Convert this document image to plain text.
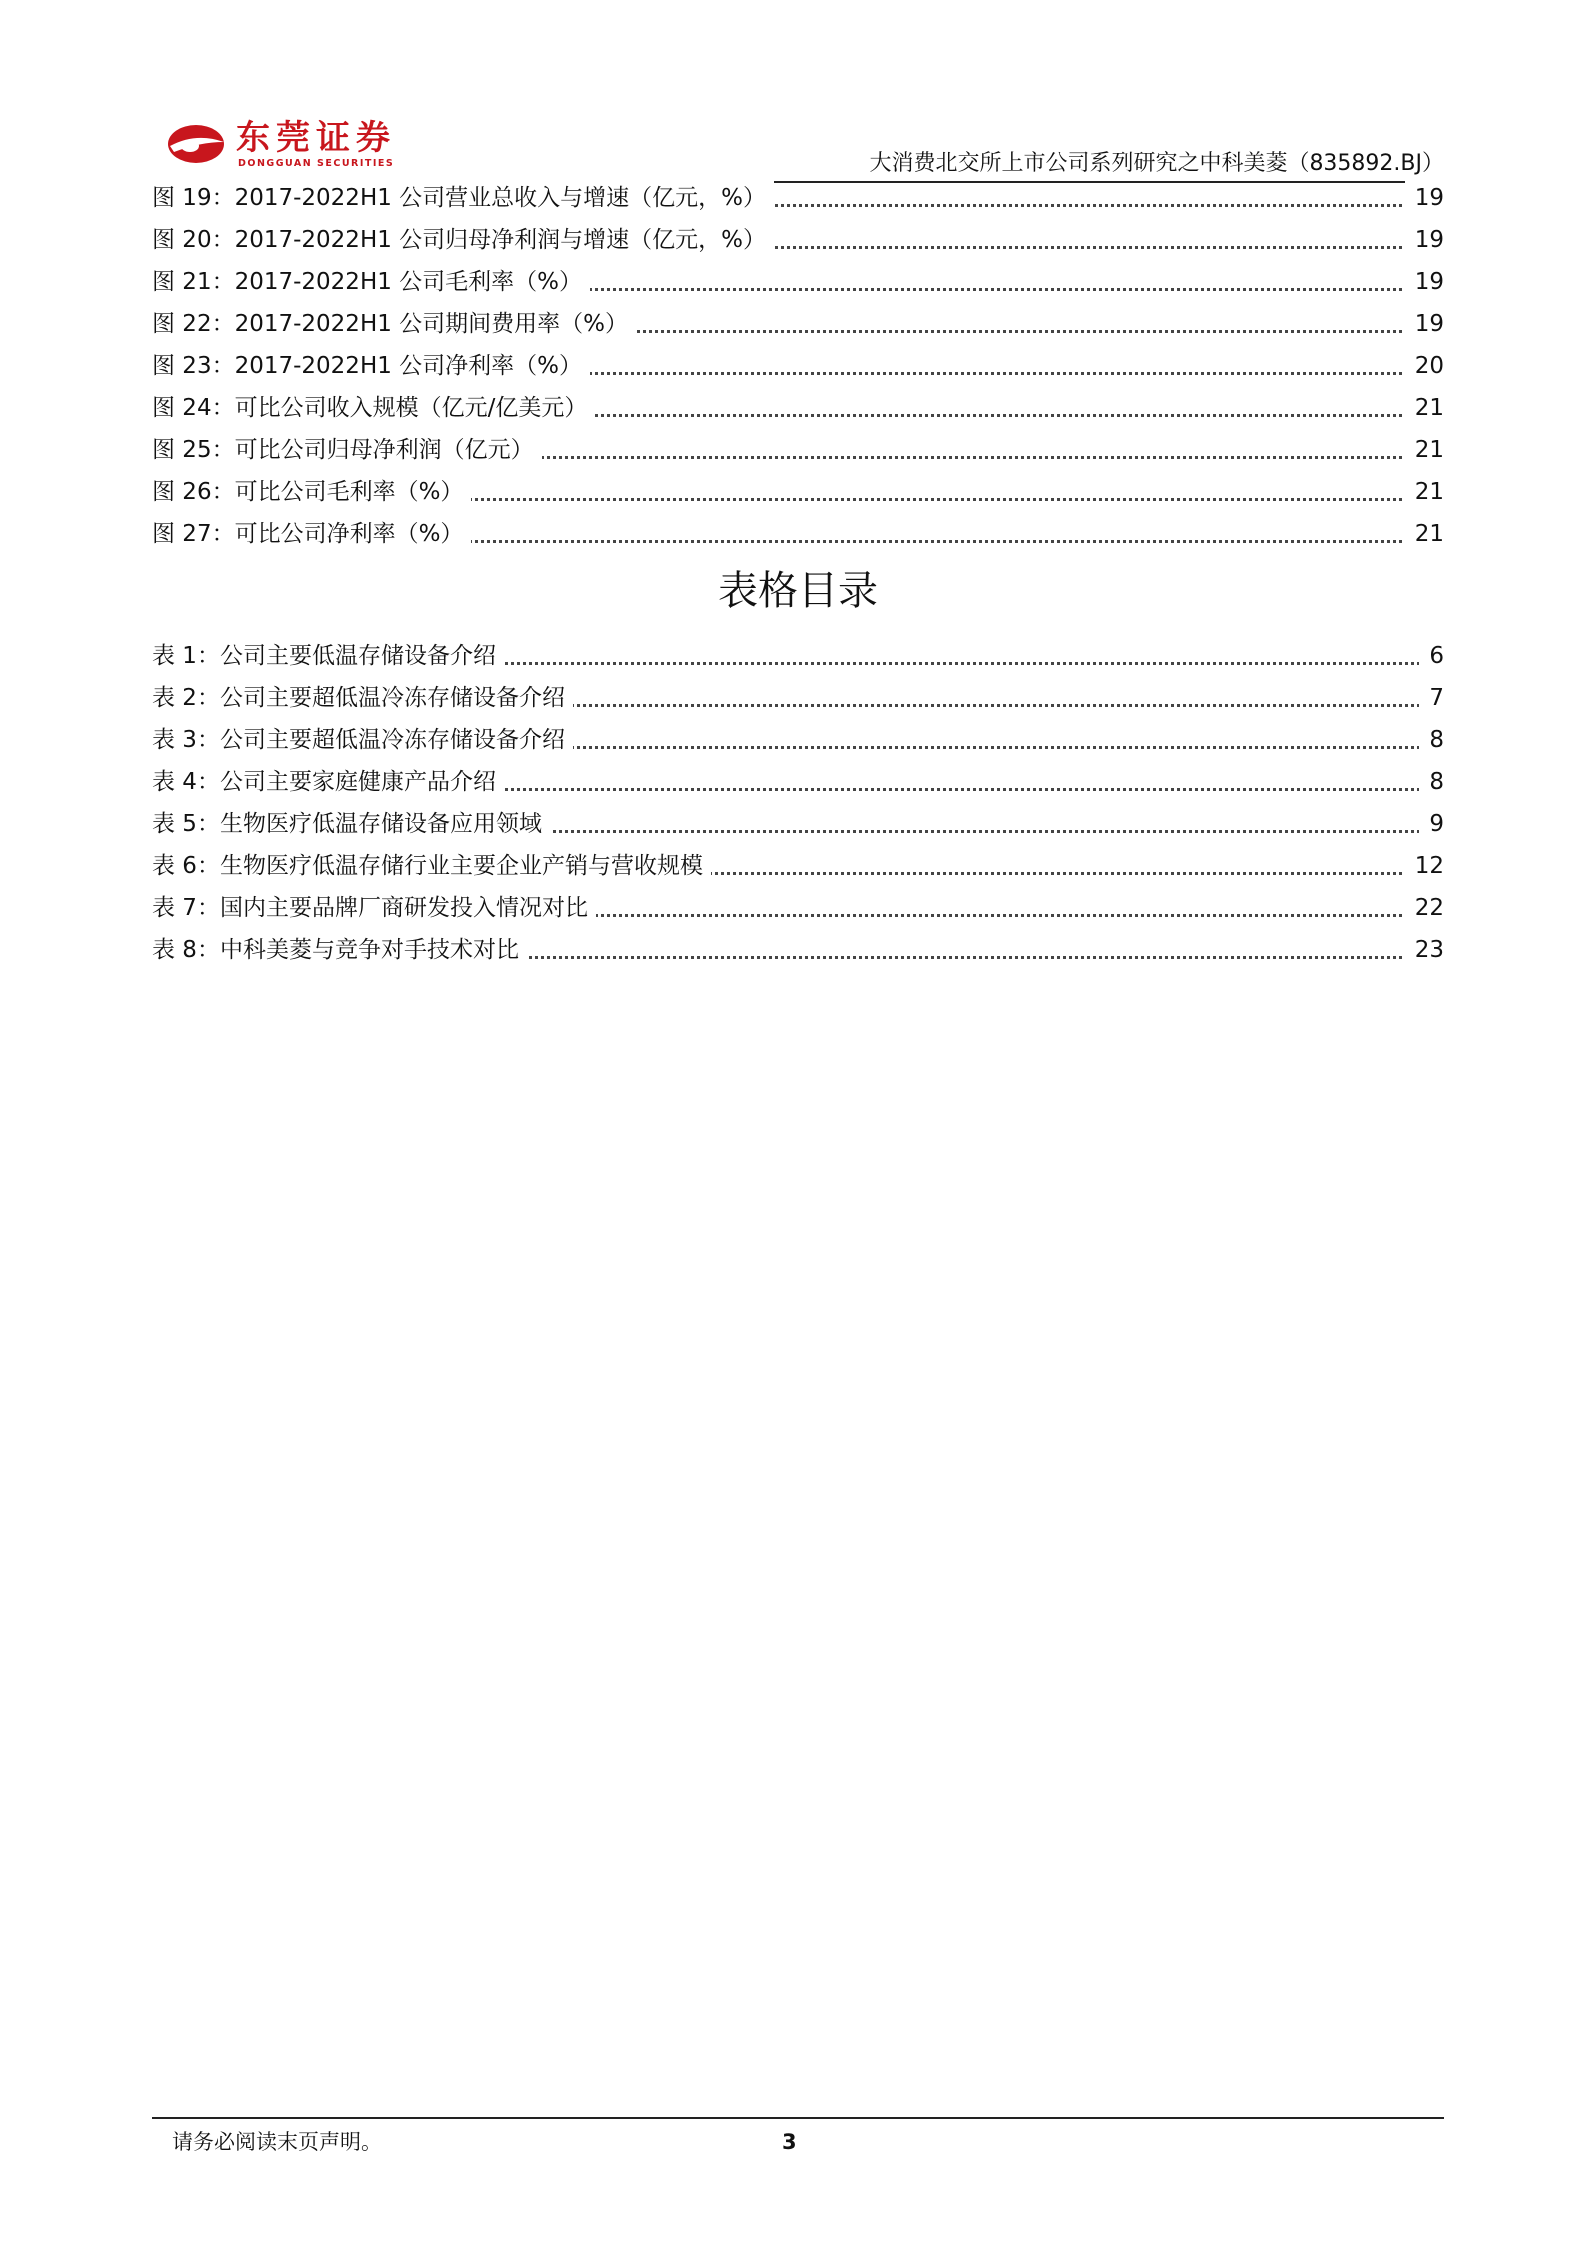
东莞证券
DONGGUAN SECURITIES	大消费北交所上市公司系列研究之中科美菱（835892.BJ）
图 19：2017-2022H1 公司营业总收入与增速（亿元，%）	19
图 20：2017-2022H1 公司归母净利润与增速（亿元，%）	19
图 21：2017-2022H1 公司毛利率（%）	19
图 22：2017-2022H1 公司期间费用率（%）	19
图 23：2017-2022H1 公司净利率（%）	20
图 24：可比公司收入规模（亿元/亿美元）	21
图 25：可比公司归母净利润（亿元）	21
图 26：可比公司毛利率（%）	21
图 27：可比公司净利率（%）	21
表格目录
表 1：公司主要低温存储设备介绍	6
表 2：公司主要超低温冷冻存储设备介绍	7
表 3：公司主要超低温冷冻存储设备介绍	8
表 4：公司主要家庭健康产品介绍	8
表 5：生物医疗低温存储设备应用领域	9
表 6：生物医疗低温存储行业主要企业产销与营收规模	12
表 7：国内主要品牌厂商研发投入情况对比	22
表 8：中科美菱与竞争对手技术对比	23
请务必阅读末页声明。	3
